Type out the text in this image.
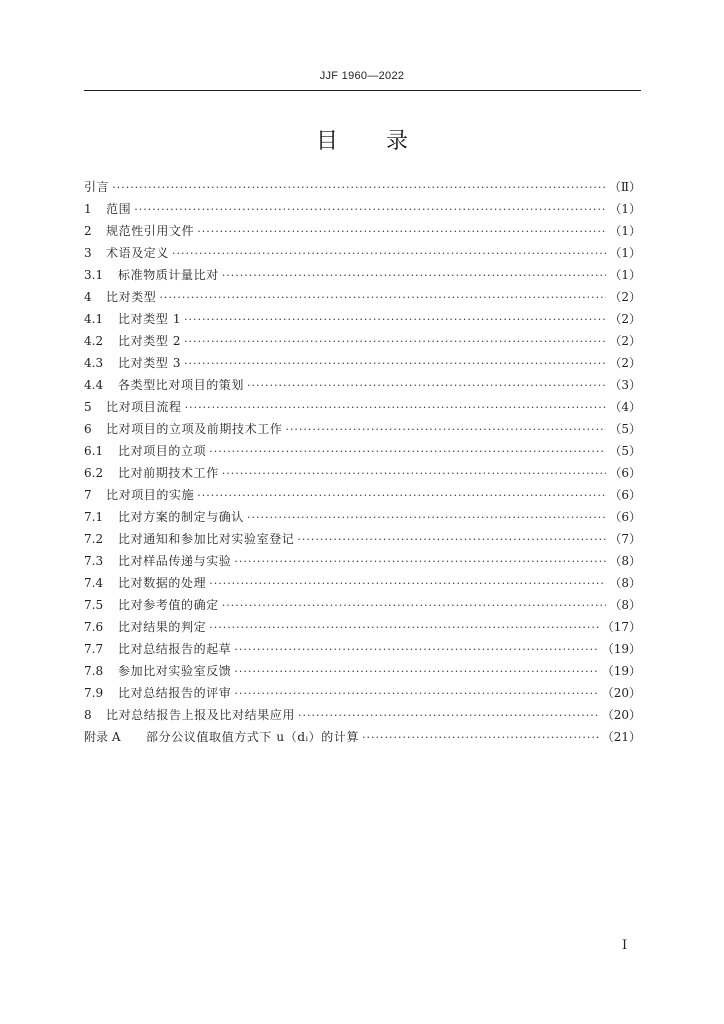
JJF 1960—2022
目 录
引言 ·····	（Ⅱ）
1	范围 ·····	（1）
2	规范性引用文件 ·····	（1）
3	术语及定义 ·····	（1）
3.1	标准物质计量比对 ·····	（1）
4	比对类型 ·····	（2）
4.1	比对类型 1 ·····	（2）
4.2	比对类型 2 ·····	（2）
4.3	比对类型 3 ·····	（2）
4.4	各类型比对项目的策划 ·····	（3）
5	比对项目流程 ·····	（4）
6	比对项目的立项及前期技术工作 ·····	（5）
6.1	比对项目的立项 ·····	（5）
6.2	比对前期技术工作 ·····	（6）
7	比对项目的实施 ·····	（6）
7.1	比对方案的制定与确认 ·····	（6）
7.2	比对通知和参加比对实验室登记 ·····	（7）
7.3	比对样品传递与实验 ·····	（8）
7.4	比对数据的处理 ·····	（8）
7.5	比对参考值的确定 ·····	（8）
7.6	比对结果的判定 ·····	（17）
7.7	比对总结报告的起草 ·····	（19）
7.8	参加比对实验室反馈 ·····	（19）
7.9	比对总结报告的评审 ·····	（20）
8	比对总结报告上报及比对结果应用 ·····	（20）
附录 A	部分公议值取值方式下 u（dᵢ）的计算 ·····	（21）
I
